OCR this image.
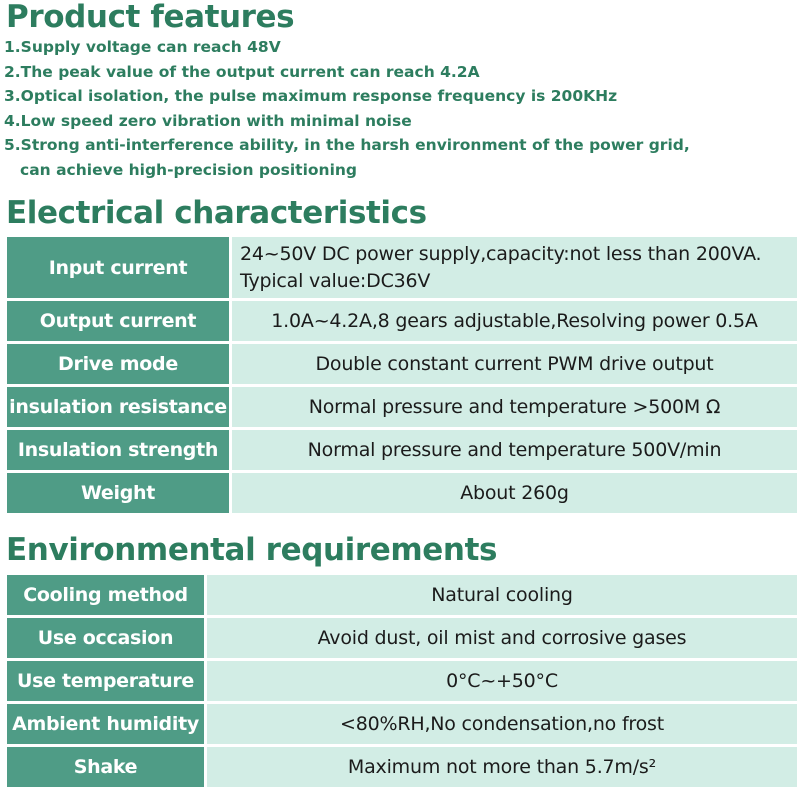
Product features
1.Supply voltage can reach 48V
2.The peak value of the output current can reach 4.2A
3.Optical isolation, the pulse maximum response frequency is 200KHz
4.Low speed zero vibration with minimal noise
5.Strong anti-interference ability, in the harsh environment of the power grid,
can achieve high-precision positioning
Electrical characteristics
Input current	24~50V DC power supply,capacity:not less than 200VA.
Typical value:DC36V

Output current	1.0A~4.2A,8 gears adjustable,Resolving power 0.5A
Drive mode	Double constant current PWM drive output
insulation resistance	Normal pressure and temperature >500M Ω
Insulation strength	Normal pressure and temperature 500V/min
Weight	About 260g
Environmental requirements
Cooling method	Natural cooling
Use occasion	Avoid dust, oil mist and corrosive gases
Use temperature	0°C~+50°C
Ambient humidity	<80%RH,No condensation,no frost
Shake	Maximum not more than 5.7m/s²
